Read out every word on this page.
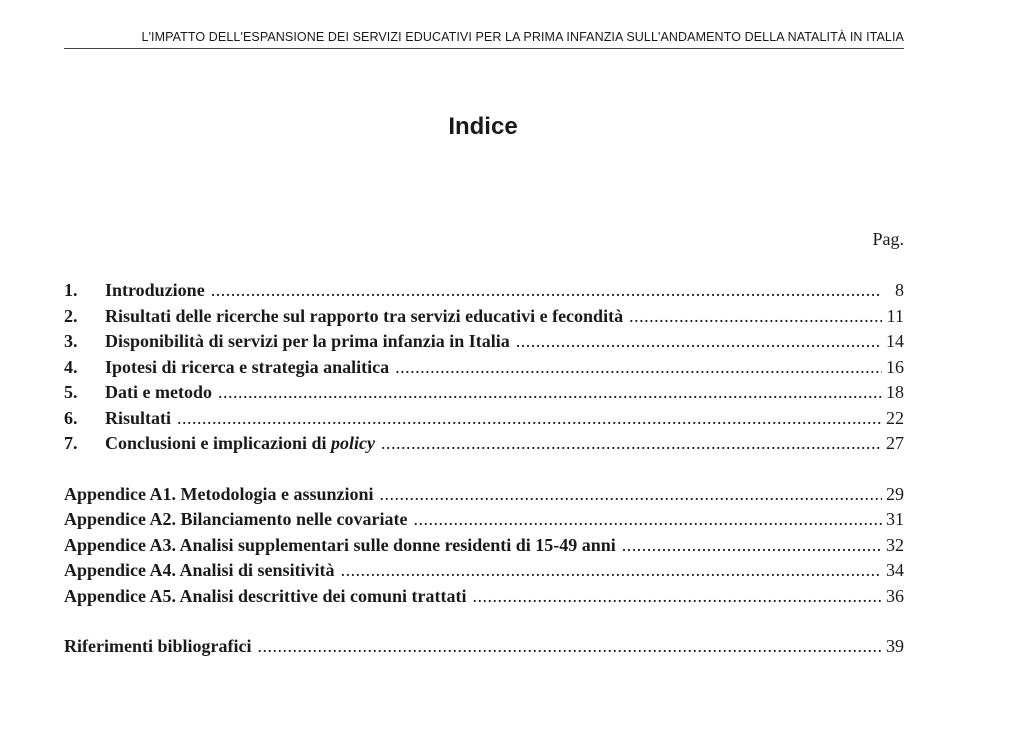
L'IMPATTO DELL'ESPANSIONE DEI SERVIZI EDUCATIVI PER LA PRIMA INFANZIA SULL'ANDAMENTO DELLA NATALITÀ IN ITALIA
Indice
Pag.
1.	Introduzione .....	8
2.	Risultati delle ricerche sul rapporto tra servizi educativi e fecondità .....	11
3.	Disponibilità di servizi per la prima infanzia in Italia .....	14
4.	Ipotesi di ricerca e strategia analitica .....	16
5.	Dati e metodo .....	18
6.	Risultati .....	22
7.	Conclusioni e implicazioni di policy .....	27
Appendice A1. Metodologia e assunzioni .....	29
Appendice A2. Bilanciamento nelle covariate .....	31
Appendice A3. Analisi supplementari sulle donne residenti di 15-49 anni .....	32
Appendice A4. Analisi di sensitività .....	34
Appendice A5. Analisi descrittive dei comuni trattati .....	36
Riferimenti bibliografici .....	39
